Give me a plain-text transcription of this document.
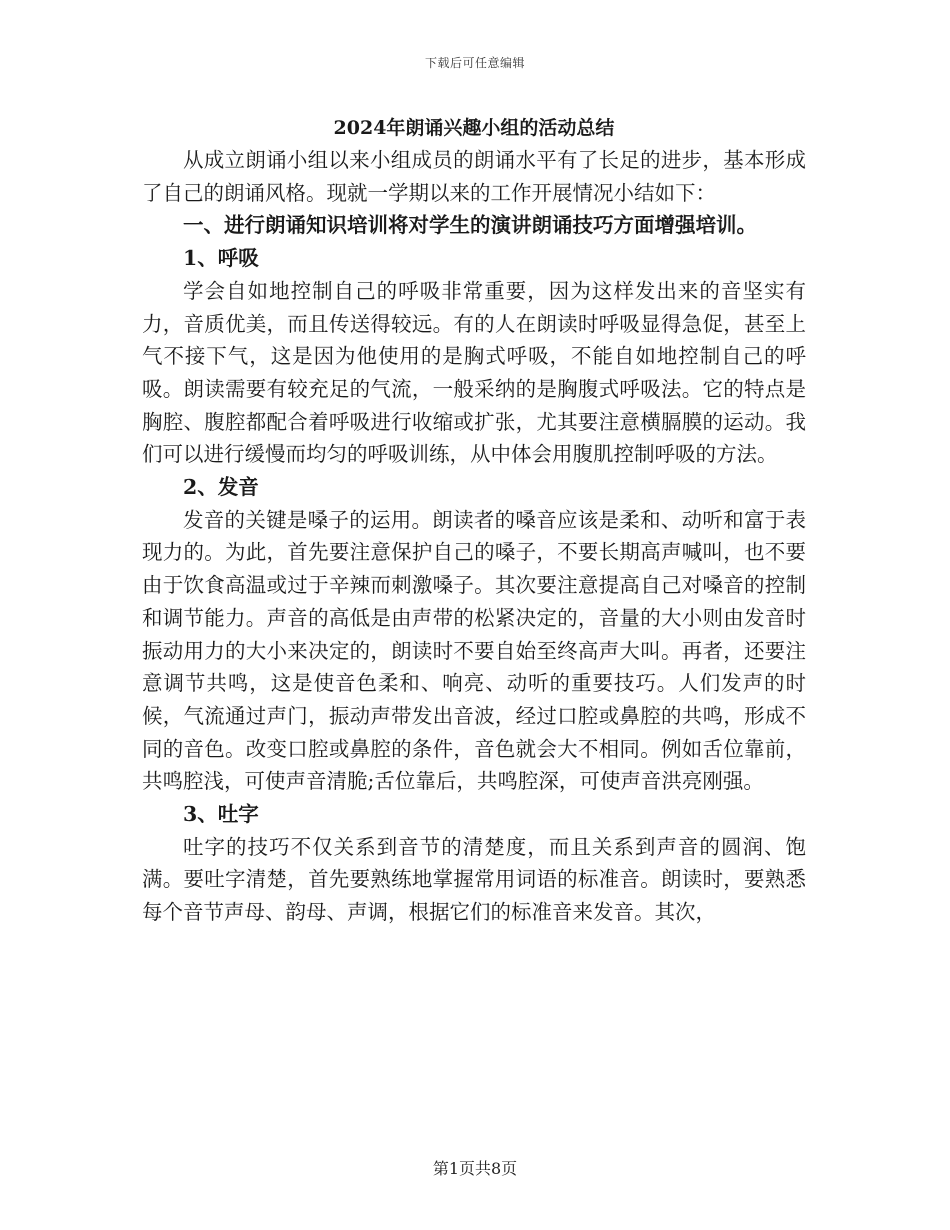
下载后可任意编辑

2024年朗诵兴趣小组的活动总结

从成立朗诵小组以来小组成员的朗诵水平有了长足的进步，基本形成了自己的朗诵风格。现就一学期以来的工作开展情况小结如下：

一、进行朗诵知识培训将对学生的演讲朗诵技巧方面增强培训。

1、呼吸

学会自如地控制自己的呼吸非常重要，因为这样发出来的音坚实有力，音质优美，而且传送得较远。有的人在朗读时呼吸显得急促，甚至上气不接下气，这是因为他使用的是胸式呼吸，不能自如地控制自己的呼吸。朗读需要有较充足的气流，一般采纳的是胸腹式呼吸法。它的特点是胸腔、腹腔都配合着呼吸进行收缩或扩张，尤其要注意横膈膜的运动。我们可以进行缓慢而均匀的呼吸训练，从中体会用腹肌控制呼吸的方法。

2、发音

发音的关键是嗓子的运用。朗读者的嗓音应该是柔和、动听和富于表现力的。为此，首先要注意保护自己的嗓子，不要长期高声喊叫，也不要由于饮食高温或过于辛辣而刺激嗓子。其次要注意提高自己对嗓音的控制和调节能力。声音的高低是由声带的松紧决定的，音量的大小则由发音时振动用力的大小来决定的，朗读时不要自始至终高声大叫。再者，还要注意调节共鸣，这是使音色柔和、响亮、动听的重要技巧。人们发声的时候，气流通过声门，振动声带发出音波，经过口腔或鼻腔的共鸣，形成不同的音色。改变口腔或鼻腔的条件，音色就会大不相同。例如舌位靠前，共鸣腔浅，可使声音清脆;舌位靠后，共鸣腔深，可使声音洪亮刚强。

3、吐字

吐字的技巧不仅关系到音节的清楚度，而且关系到声音的圆润、饱满。要吐字清楚，首先要熟练地掌握常用词语的标准音。朗读时，要熟悉每个音节声母、韵母、声调，根据它们的标准音来发音。其次，

第1页共8页
